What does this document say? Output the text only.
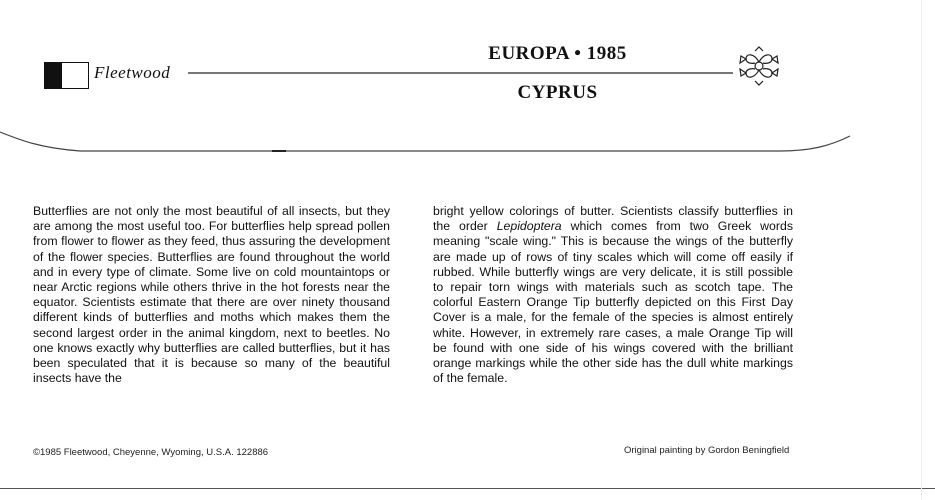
Fleetwood
EUROPA • 1985
CYPRUS
Butterflies are not only the most beautiful of all insects, but they are among the most useful too. For butterflies help spread pollen from flower to flower as they feed, thus assuring the development of the flower species. Butterflies are found throughout the world and in every type of climate. Some live on cold mountaintops or near Arctic regions while others thrive in the hot forests near the equator. Scientists estimate that there are over ninety thousand different kinds of butterflies and moths which makes them the second largest order in the animal kingdom, next to beetles. No one knows exactly why butterflies are called butterflies, but it has been speculated that it is because so many of the beautiful insects have the
bright yellow colorings of butter. Scientists classify butterflies in the order Lepidoptera which comes from two Greek words meaning "scale wing." This is because the wings of the butterfly are made up of rows of tiny scales which will come off easily if rubbed. While butterfly wings are very delicate, it is still possible to repair torn wings with materials such as scotch tape. The colorful Eastern Orange Tip butterfly depicted on this First Day Cover is a male, for the female of the species is almost entirely white. However, in extremely rare cases, a male Orange Tip will be found with one side of his wings covered with the brilliant orange markings while the other side has the dull white markings of the female.
©1985 Fleetwood, Cheyenne, Wyoming, U.S.A. 122886	Original painting by Gordon Beningfield
